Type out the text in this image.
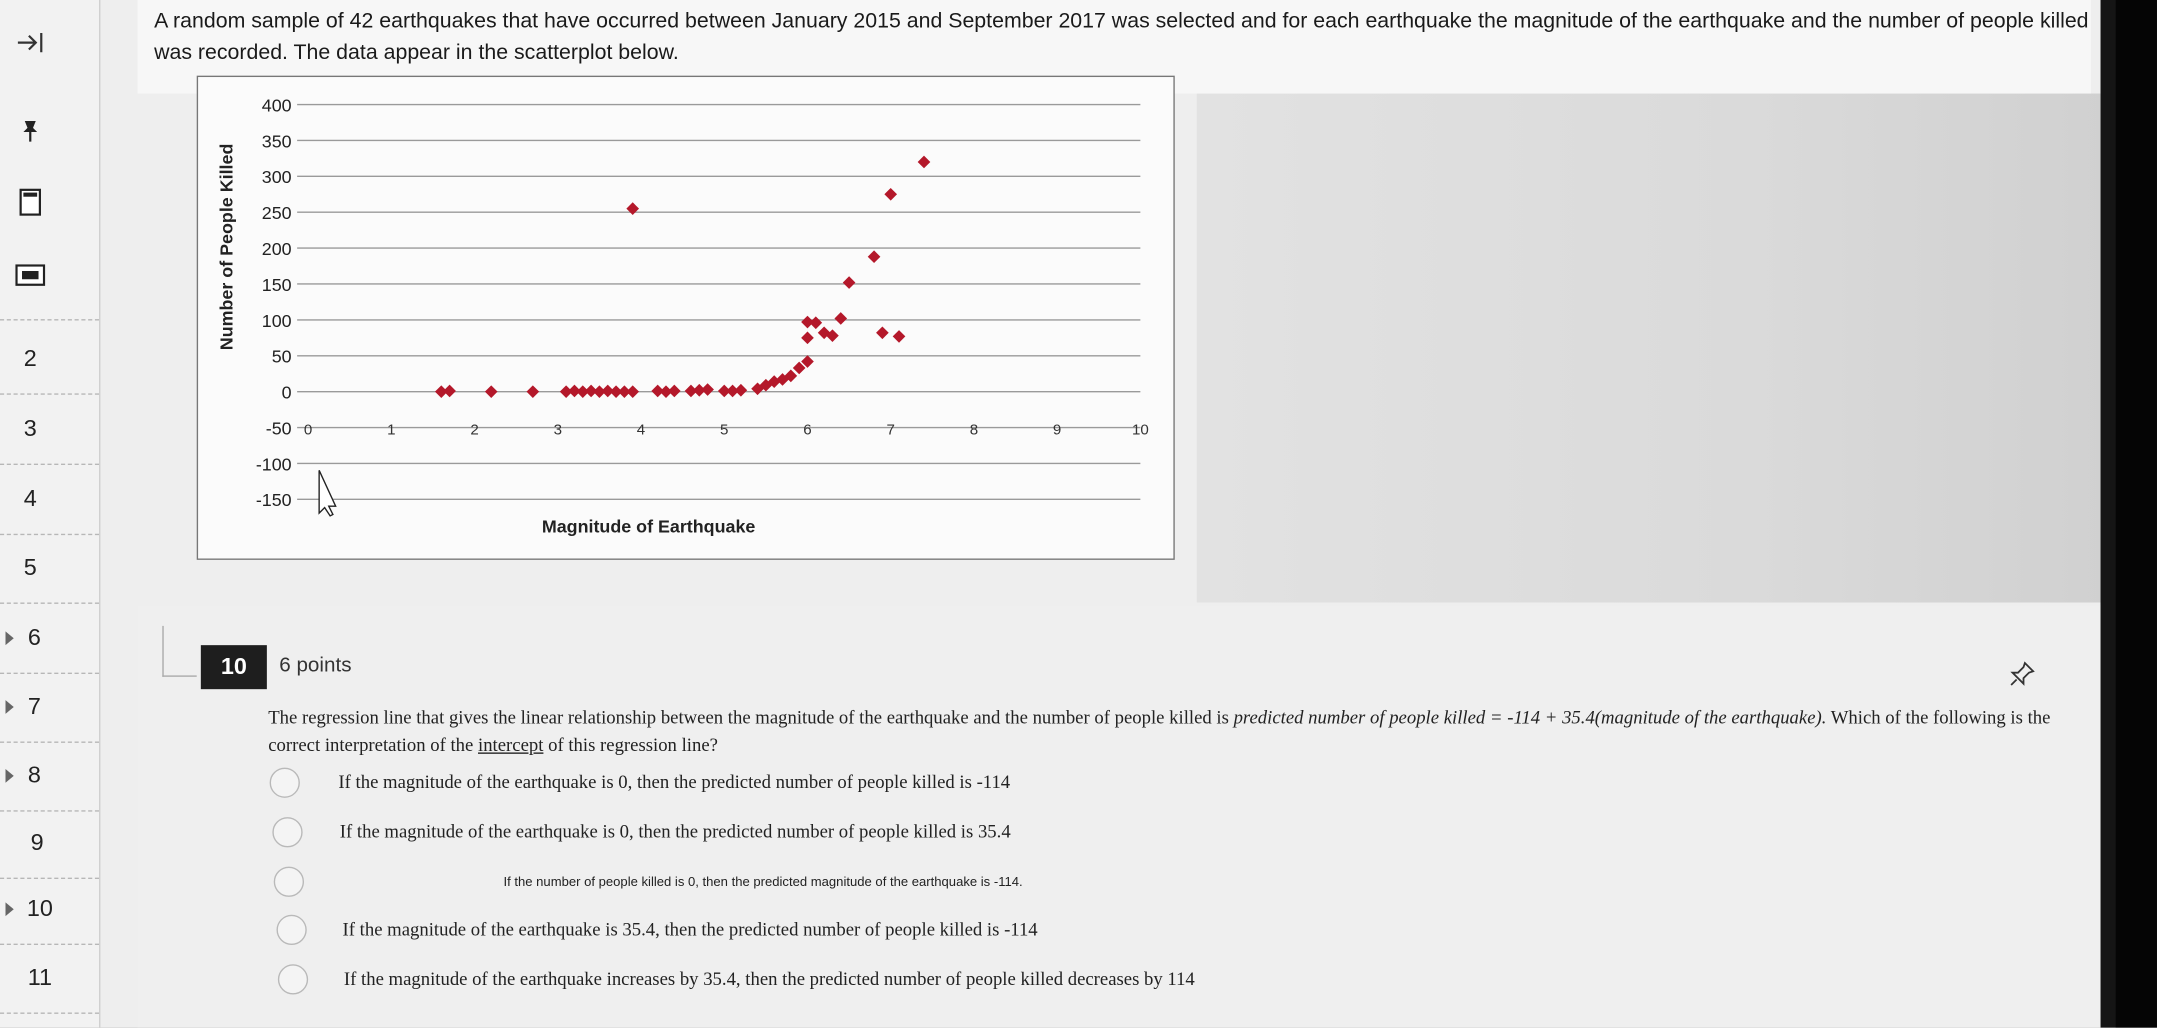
A random sample of 42 earthquakes that have occurred between January 2015 and September 2017 was selected and for each earthquake the magnitude of the earthquake and the number of people killed was recorded. The data appear in the scatterplot below.
400
350
300
250
200
150
100
50
0
-50
-100
-150
0	1	2	3	4	5	6	7	8	9	10
Number of People Killed
Magnitude of Earthquake
10	6 points
The regression line that gives the linear relationship between the magnitude of the earthquake and the number of people killed is predicted number of people killed = -114 + 35.4(magnitude of the earthquake). Which of the following is the correct interpretation of the intercept of this regression line?
If the magnitude of the earthquake is 0, then the predicted number of people killed is -114
If the magnitude of the earthquake is 0, then the predicted number of people killed is 35.4
If the number of people killed is 0, then the predicted magnitude of the earthquake is -114.
If the magnitude of the earthquake is 35.4, then the predicted number of people killed is -114
If the magnitude of the earthquake increases by 35.4, then the predicted number of people killed decreases by 114
2
3
4
5
6
7
8
9
10
11
